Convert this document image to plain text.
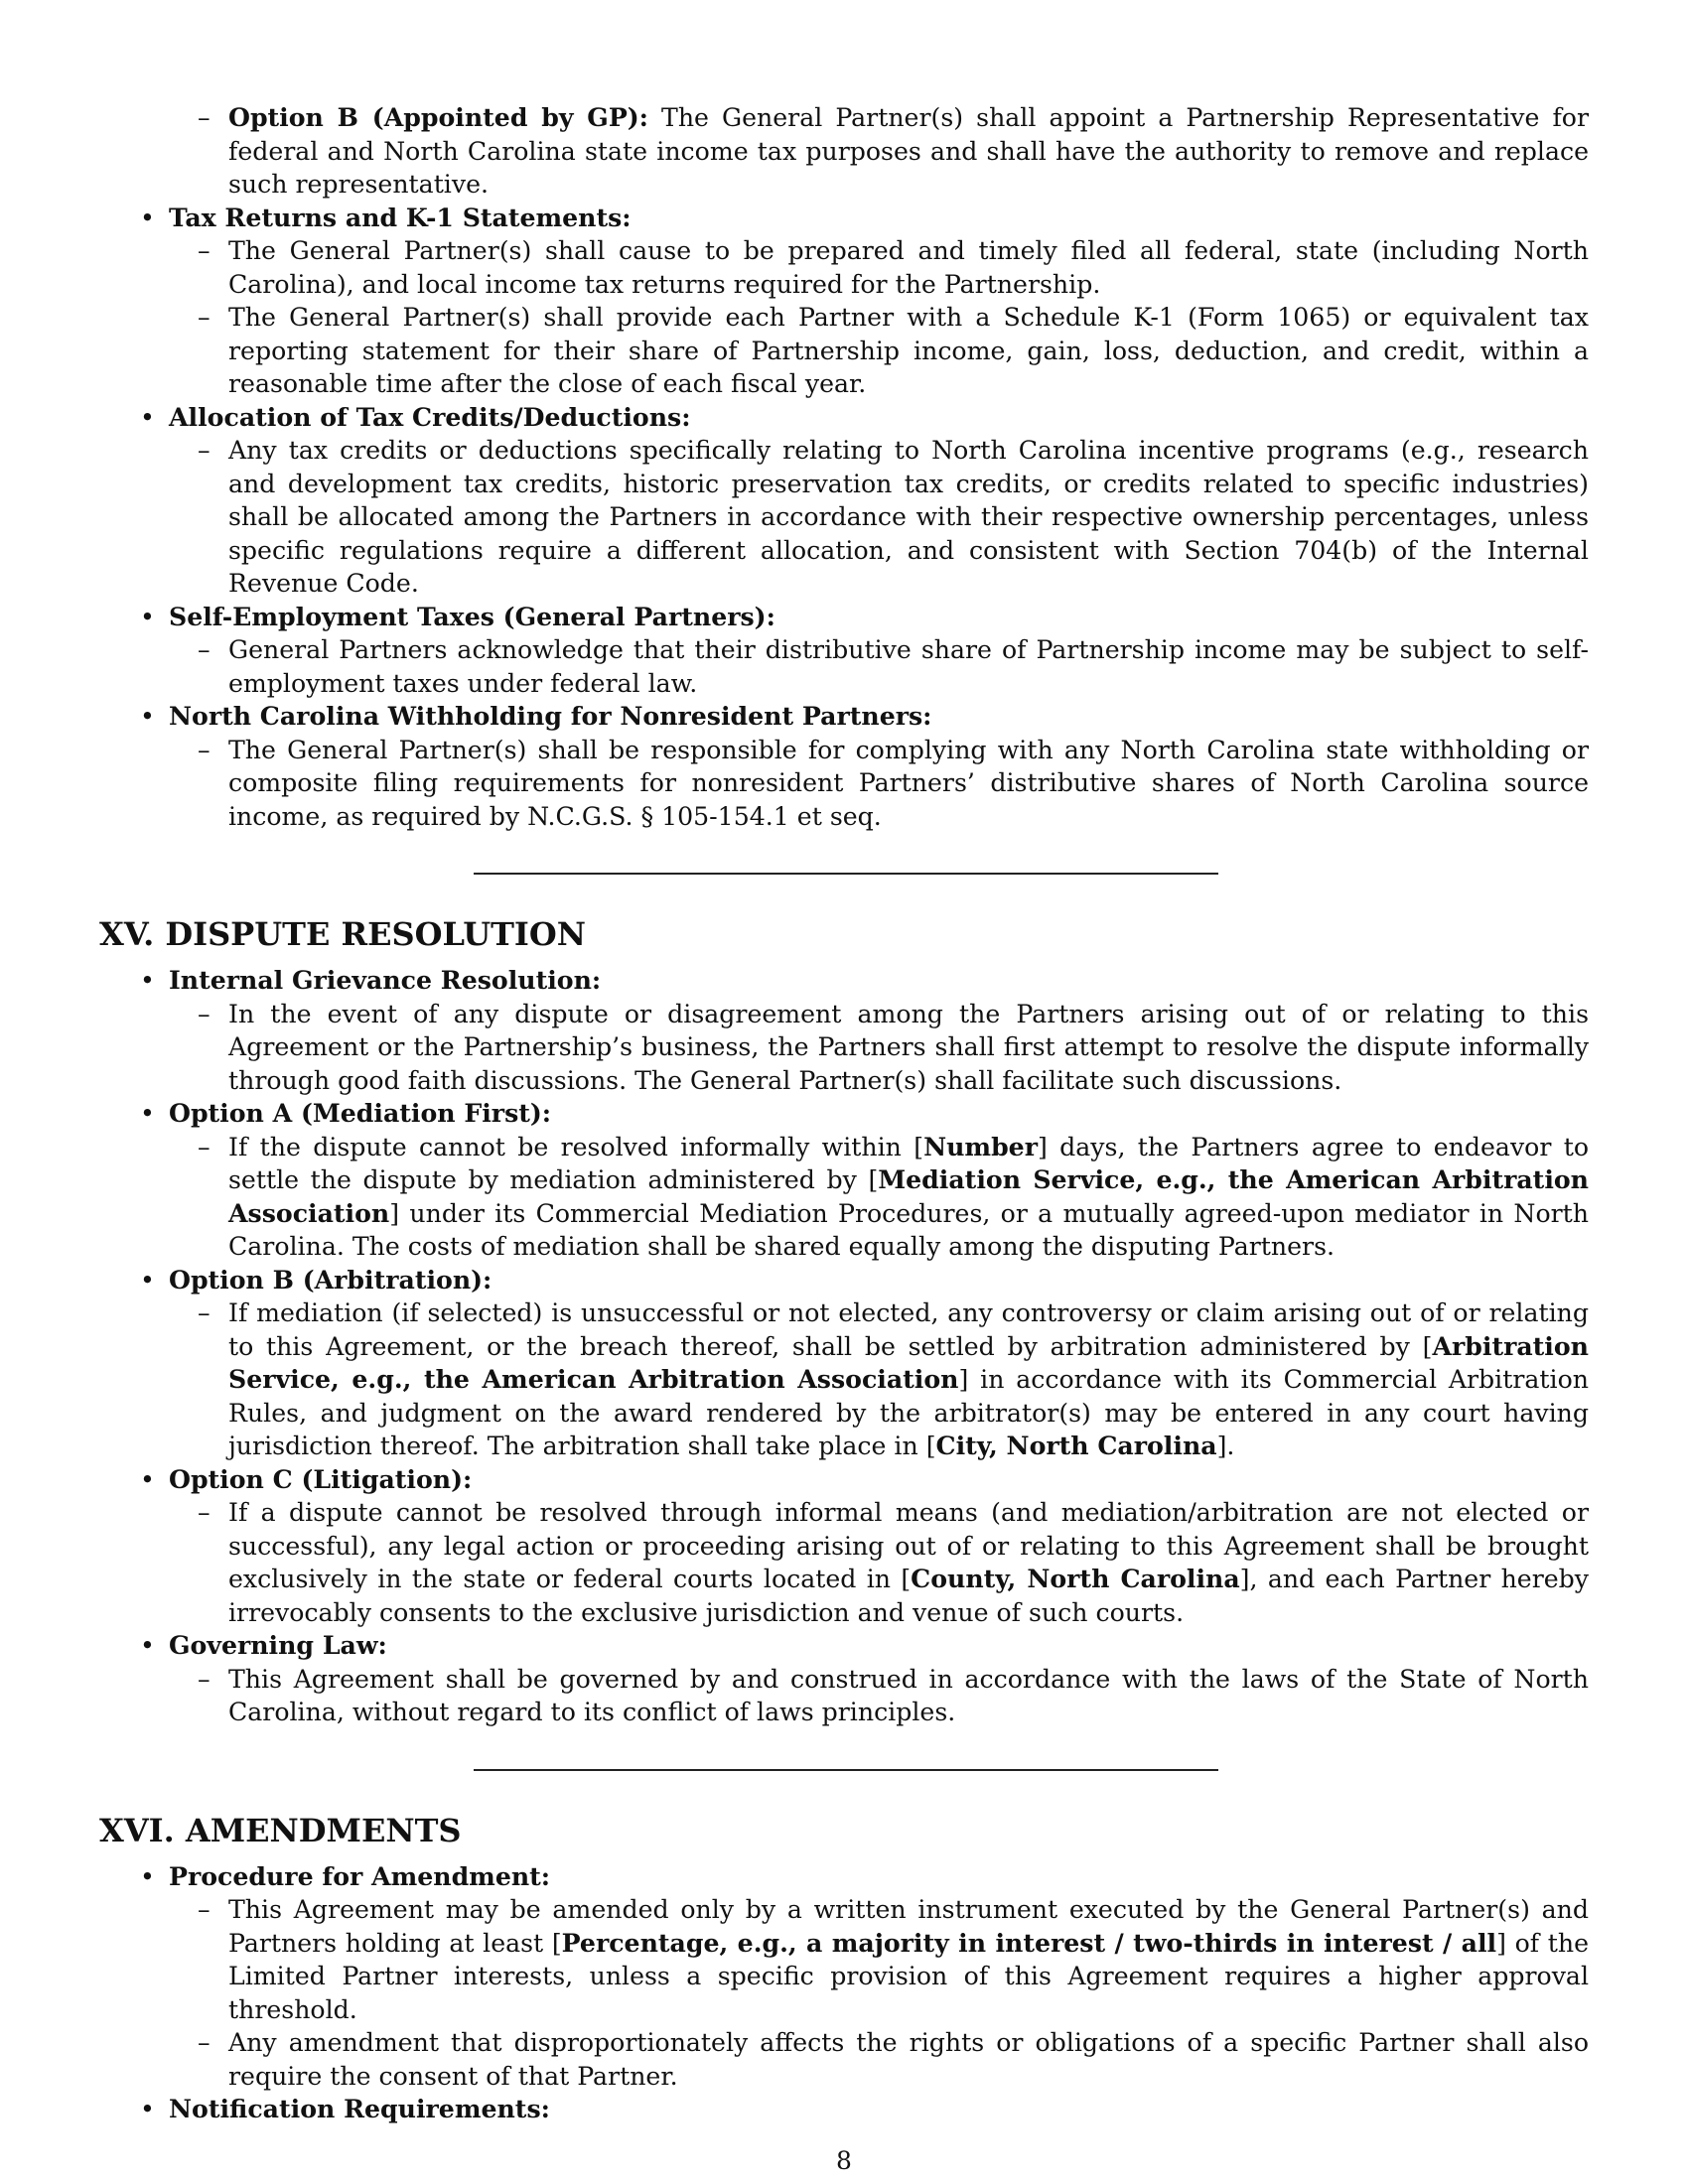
– Option B (Appointed by GP): The General Partner(s) shall appoint a Partnership Representative for federal and North Carolina state income tax purposes and shall have the authority to remove and replace such representative.
• Tax Returns and K-1 Statements:
– The General Partner(s) shall cause to be prepared and timely filed all federal, state (including North Carolina), and local income tax returns required for the Partnership.
– The General Partner(s) shall provide each Partner with a Schedule K-1 (Form 1065) or equivalent tax reporting statement for their share of Partnership income, gain, loss, deduction, and credit, within a reasonable time after the close of each fiscal year.
• Allocation of Tax Credits/Deductions:
– Any tax credits or deductions specifically relating to North Carolina incentive programs (e.g., research and development tax credits, historic preservation tax credits, or credits related to specific industries) shall be allocated among the Partners in accordance with their respective ownership percentages, unless specific regulations require a different allocation, and consistent with Section 704(b) of the Internal Revenue Code.
• Self-Employment Taxes (General Partners):
– General Partners acknowledge that their distributive share of Partnership income may be subject to self-employment taxes under federal law.
• North Carolina Withholding for Nonresident Partners:
– The General Partner(s) shall be responsible for complying with any North Carolina state withholding or composite filing requirements for nonresident Partners’ distributive shares of North Carolina source income, as required by N.C.G.S. § 105-154.1 et seq.
XV. DISPUTE RESOLUTION
• Internal Grievance Resolution:
– In the event of any dispute or disagreement among the Partners arising out of or relating to this Agreement or the Partnership’s business, the Partners shall first attempt to resolve the dispute informally through good faith discussions. The General Partner(s) shall facilitate such discussions.
• Option A (Mediation First):
– If the dispute cannot be resolved informally within [Number] days, the Partners agree to endeavor to settle the dispute by mediation administered by [Mediation Service, e.g., the American Arbitration Association] under its Commercial Mediation Procedures, or a mutually agreed-upon mediator in North Carolina. The costs of mediation shall be shared equally among the disputing Partners.
• Option B (Arbitration):
– If mediation (if selected) is unsuccessful or not elected, any controversy or claim arising out of or relating to this Agreement, or the breach thereof, shall be settled by arbitration administered by [Arbitration Service, e.g., the American Arbitration Association] in accordance with its Commercial Arbitration Rules, and judgment on the award rendered by the arbitrator(s) may be entered in any court having jurisdiction thereof. The arbitration shall take place in [City, North Carolina].
• Option C (Litigation):
– If a dispute cannot be resolved through informal means (and mediation/arbitration are not elected or successful), any legal action or proceeding arising out of or relating to this Agreement shall be brought exclusively in the state or federal courts located in [County, North Carolina], and each Partner hereby irrevocably consents to the exclusive jurisdiction and venue of such courts.
• Governing Law:
– This Agreement shall be governed by and construed in accordance with the laws of the State of North Carolina, without regard to its conflict of laws principles.
XVI. AMENDMENTS
• Procedure for Amendment:
– This Agreement may be amended only by a written instrument executed by the General Partner(s) and Partners holding at least [Percentage, e.g., a majority in interest / two-thirds in interest / all] of the Limited Partner interests, unless a specific provision of this Agreement requires a higher approval threshold.
– Any amendment that disproportionately affects the rights or obligations of a specific Partner shall also require the consent of that Partner.
• Notification Requirements:
8
